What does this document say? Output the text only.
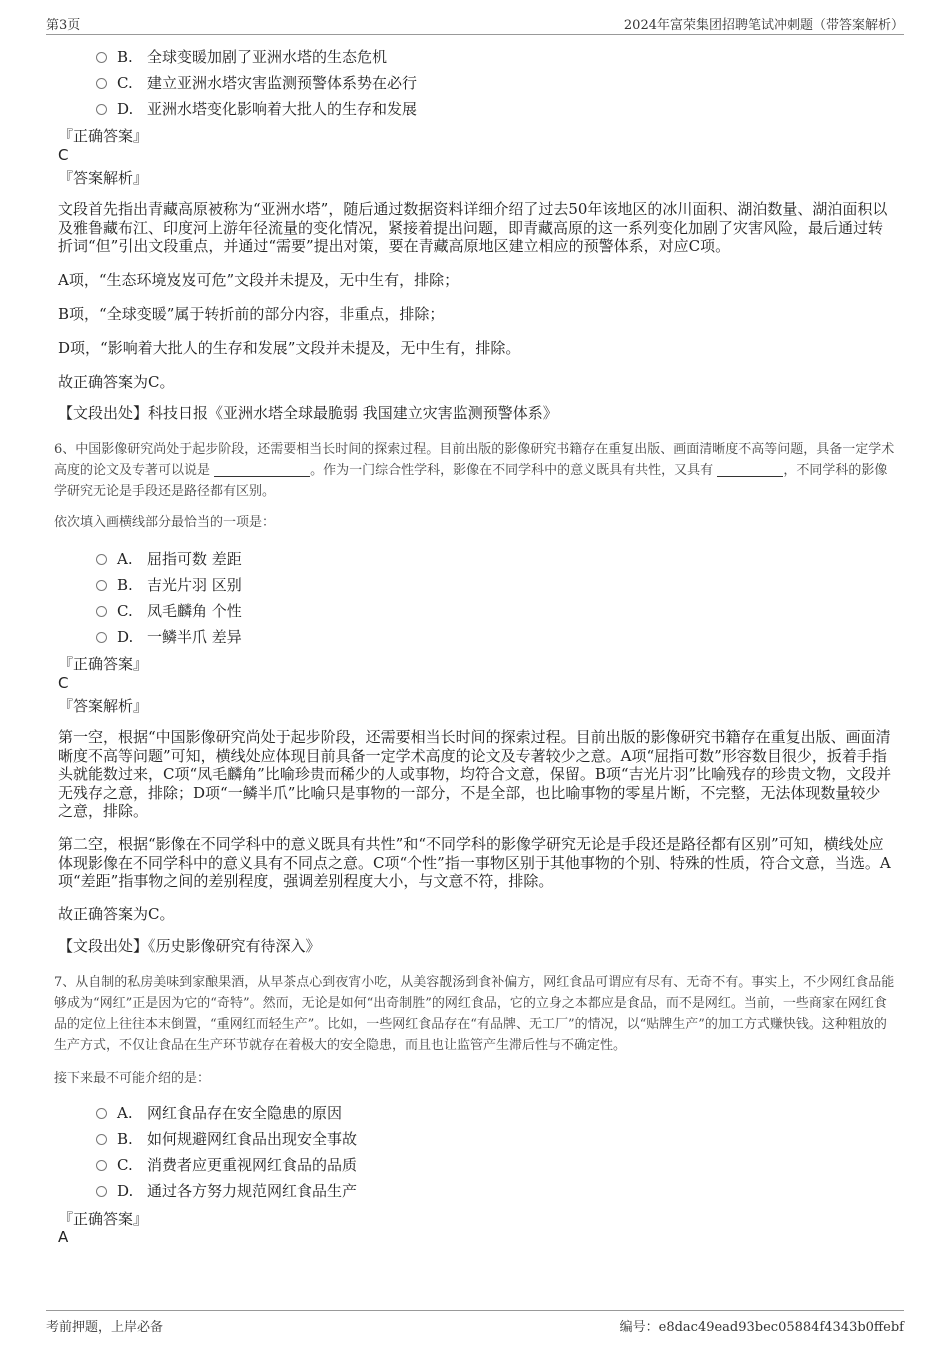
第3页	2024年富荣集团招聘笔试冲刺题（带答案解析）
B. 全球变暖加剧了亚洲水塔的生态危机
C. 建立亚洲水塔灾害监测预警体系势在必行
D. 亚洲水塔变化影响着大批人的生存和发展
『正确答案』
C
『答案解析』
文段首先指出青藏高原被称为“亚洲水塔”，随后通过数据资料详细介绍了过去50年该地区的冰川面积、湖泊数量、湖泊面积以及雅鲁藏布江、印度河上游年径流量的变化情况，紧接着提出问题，即青藏高原的这一系列变化加剧了灾害风险，最后通过转折词“但”引出文段重点，并通过“需要”提出对策，要在青藏高原地区建立相应的预警体系，对应C项。
A项，“生态环境岌岌可危”文段并未提及，无中生有，排除；
B项，“全球变暖”属于转折前的部分内容，非重点，排除；
D项，“影响着大批人的生存和发展”文段并未提及，无中生有，排除。
故正确答案为C。
【文段出处】科技日报《亚洲水塔全球最脆弱 我国建立灾害监测预警体系》
6、中国影像研究尚处于起步阶段，还需要相当长时间的探索过程。目前出版的影像研究书籍存在重复出版、画面清晰度不高等问题，具备一定学术高度的论文及专著可以说是	。作为一门综合性学科，影像在不同学科中的意义既具有共性，又具有	，不同学科的影像学研究无论是手段还是路径都有区别。
依次填入画横线部分最恰当的一项是：
A. 屈指可数 差距
B. 吉光片羽 区别
C. 凤毛麟角 个性
D. 一鳞半爪 差异
『正确答案』
C
『答案解析』
第一空，根据“中国影像研究尚处于起步阶段，还需要相当长时间的探索过程。目前出版的影像研究书籍存在重复出版、画面清晰度不高等问题”可知，横线处应体现目前具备一定学术高度的论文及专著较少之意。A项“屈指可数”形容数目很少，扳着手指头就能数过来，C项“凤毛麟角”比喻珍贵而稀少的人或事物，均符合文意，保留。B项“吉光片羽”比喻残存的珍贵文物，文段并无残存之意，排除；D项“一鳞半爪”比喻只是事物的一部分，不是全部，也比喻事物的零星片断，不完整，无法体现数量较少之意，排除。
第二空，根据“影像在不同学科中的意义既具有共性”和“不同学科的影像学研究无论是手段还是路径都有区别”可知，横线处应体现影像在不同学科中的意义具有不同点之意。C项“个性”指一事物区别于其他事物的个别、特殊的性质，符合文意，当选。A项“差距”指事物之间的差别程度，强调差别程度大小，与文意不符，排除。
故正确答案为C。
【文段出处】《历史影像研究有待深入》
7、从自制的私房美味到家酿果酒，从早茶点心到夜宵小吃，从美容靓汤到食补偏方，网红食品可谓应有尽有、无奇不有。事实上，不少网红食品能够成为“网红”正是因为它的“奇特”。然而，无论是如何“出奇制胜”的网红食品，它的立身之本都应是食品，而不是网红。当前，一些商家在网红食品的定位上往往本末倒置，“重网红而轻生产”。比如，一些网红食品存在“有品牌、无工厂”的情况，以“贴牌生产”的加工方式赚快钱。这种粗放的生产方式，不仅让食品在生产环节就存在着极大的安全隐患，而且也让监管产生滞后性与不确定性。
接下来最不可能介绍的是：
A. 网红食品存在安全隐患的原因
B. 如何规避网红食品出现安全事故
C. 消费者应更重视网红食品的品质
D. 通过各方努力规范网红食品生产
『正确答案』
A
考前押题，上岸必备	编号：e8dac49ead93bec05884f4343b0ffebf
